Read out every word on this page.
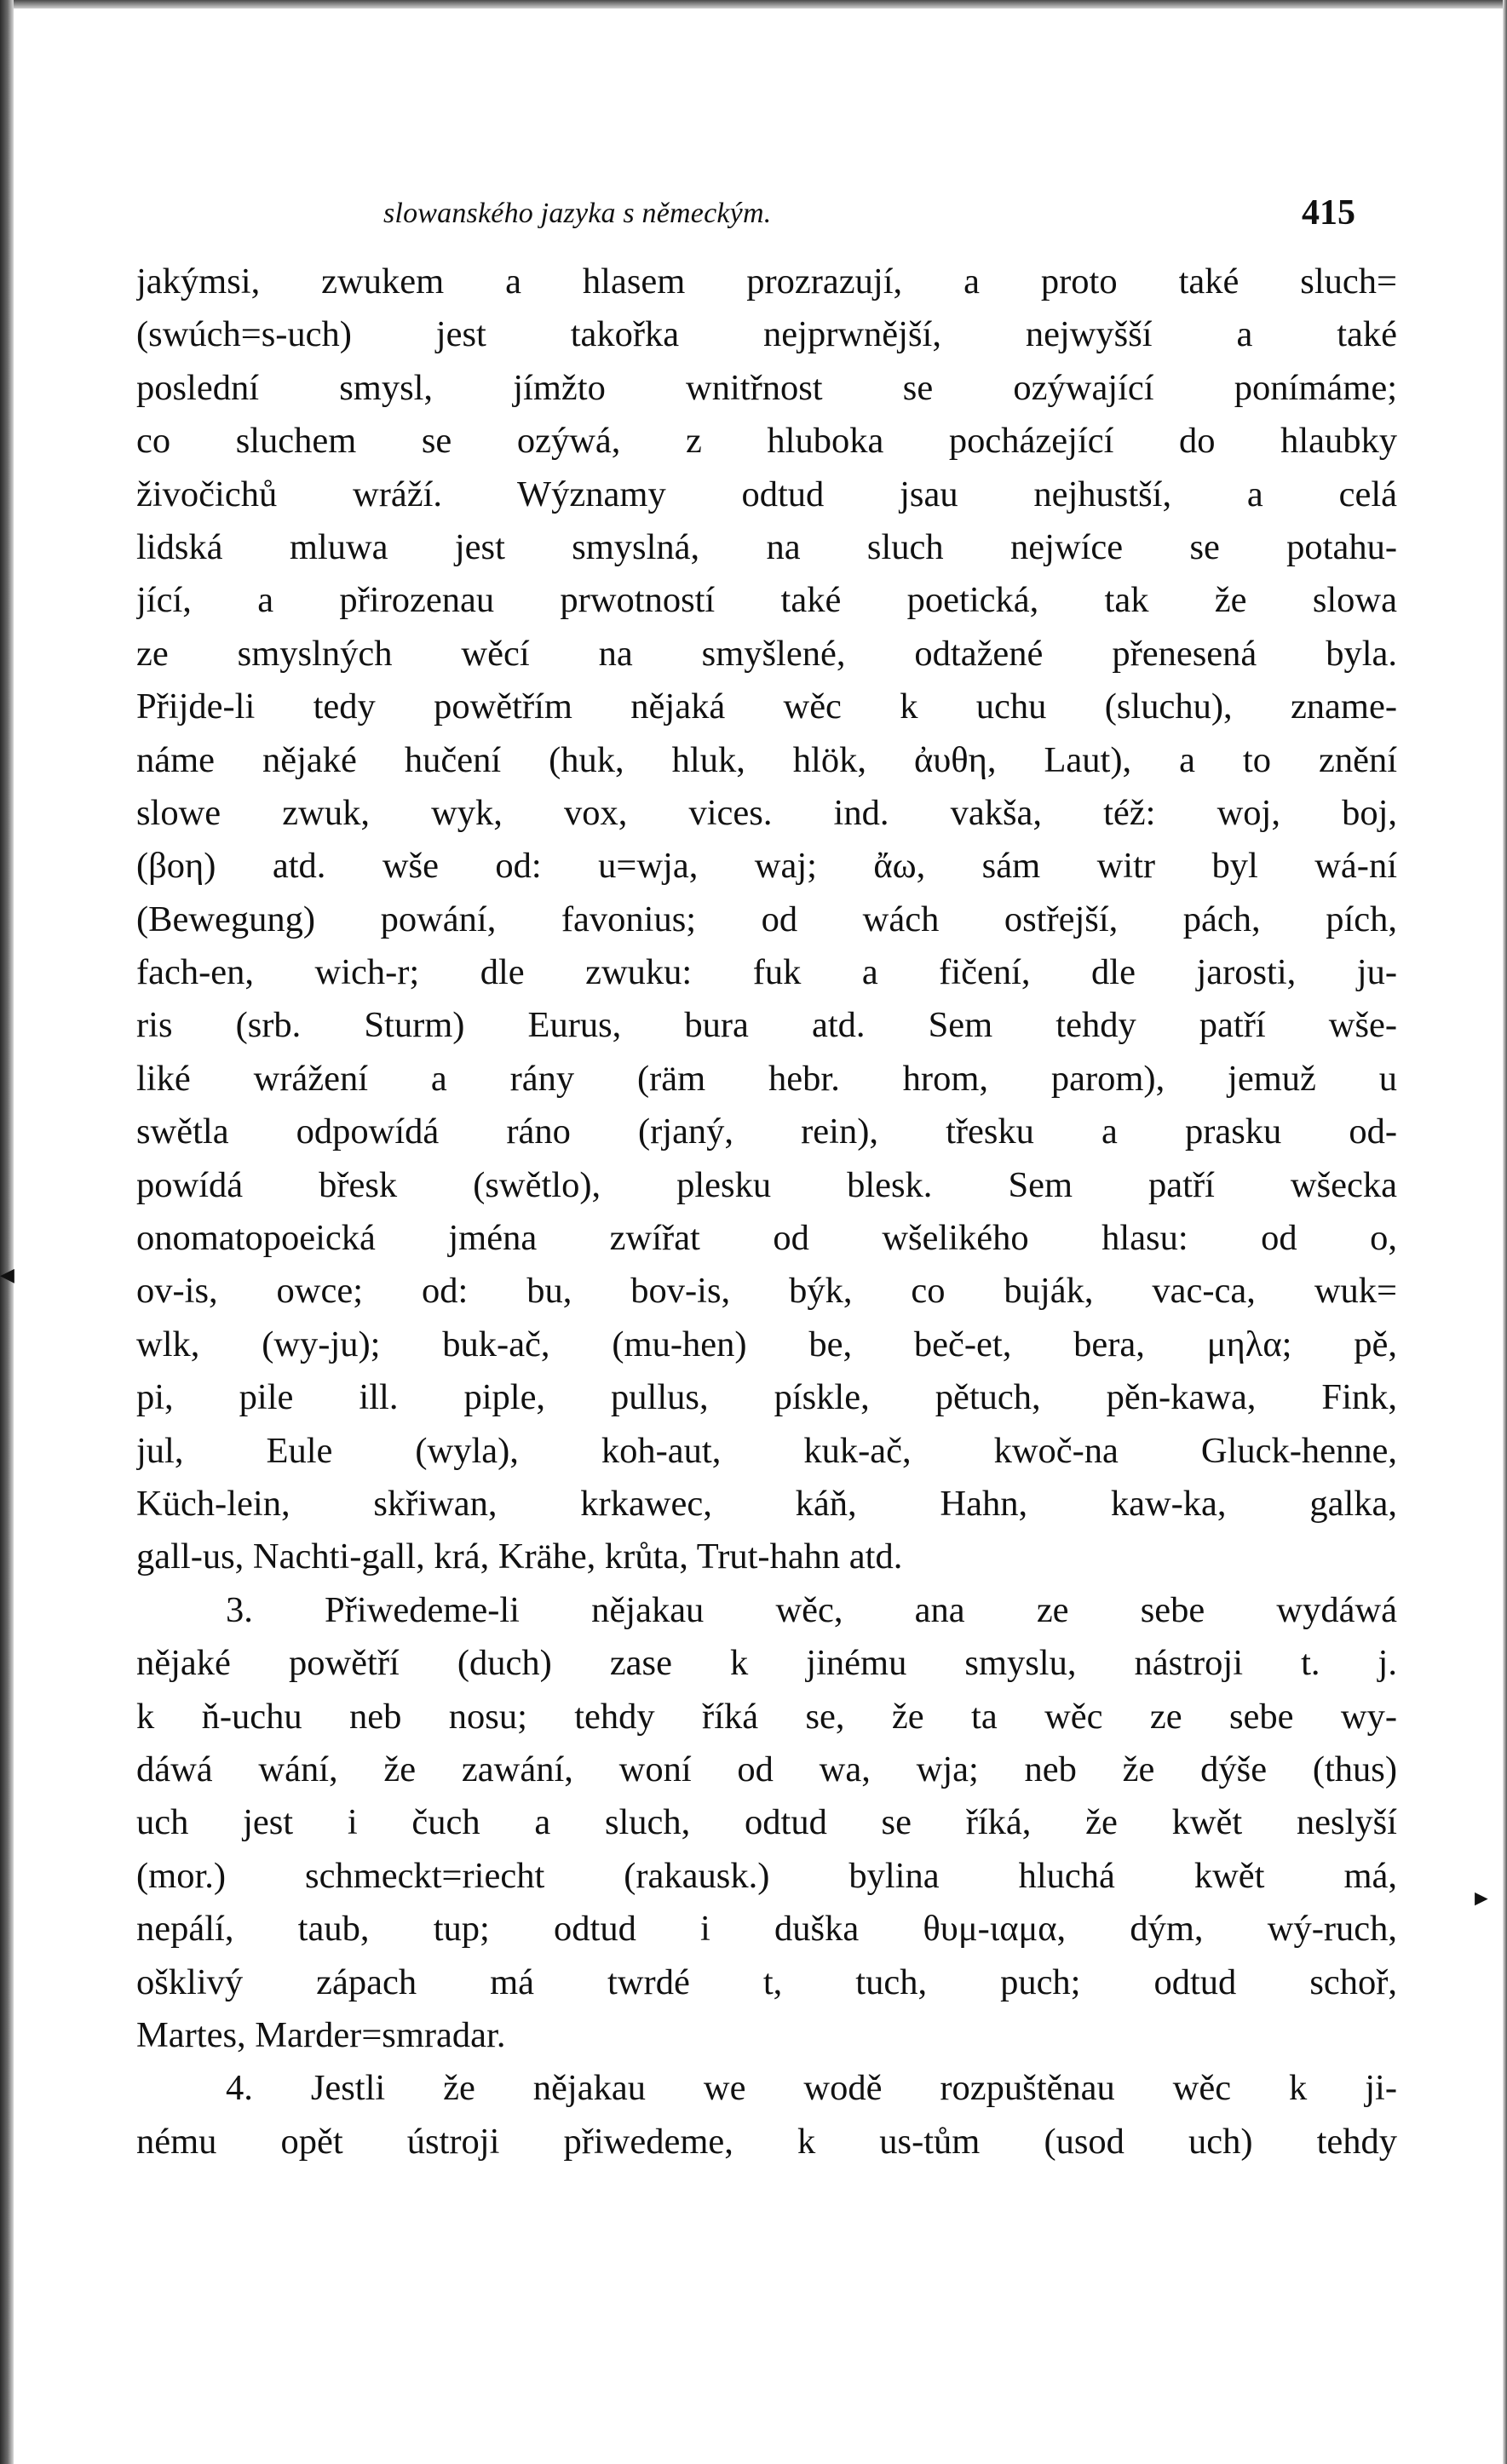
slowanského jazyka s německým.	415
jakýmsi, zwukem a hlasem prozrazují, a proto také sluch=
(swúch=s-uch) jest takořka nejprwnější, nejwyšší a také
poslední smysl, jímžto wnitřnost se ozýwající ponímáme;
co sluchem se ozýwá, z hluboka pocházející do hlaubky
živočichů wráží. Wýznamy odtud jsau nejhustší, a celá
lidská mluwa jest smyslná, na sluch nejwíce se potahu-
jící, a přirozenau prwotností také poetická, tak že slowa
ze smyslných wěcí na smyšlené, odtažené přenesená byla.
Přijde-li tedy powětřím nějaká wěc k uchu (sluchu), zname-
náme nějaké hučení (huk, hluk, hlök, ἀυθη, Laut), a to znění
slowe zwuk, wyk, vox, vices. ind. vakša, též: woj, boj,
(βοη) atd. wše od: u=wja, waj; ἄω, sám witr byl wá-ní
(Bewegung) powání, favonius; od wách ostřejší, pách, pích,
fach-en, wich-r; dle zwuku: fuk a fičení, dle jarosti, ju-
ris (srb. Sturm) Eurus, bura atd. Sem tehdy patří wše-
liké wrážení a rány (räm hebr. hrom, parom), jemuž u
swětla odpowídá ráno (rjaný, rein), třesku a prasku od-
powídá břesk (swětlo), plesku blesk. Sem patří wšecka
onomatopoeická jména zwířat od wšelikého hlasu: od o,
ov-is, owce; od: bu, bov-is, býk, co buják, vac-ca, wuk=
wlk, (wy-ju); buk-ač, (mu-hen) be, beč-et, bera, μηλα; pě,
pi, pile ill. piple, pullus, pískle, pětuch, pěn-kawa, Fink,
jul, Eule (wyla), koh-aut, kuk-ač, kwoč-na Gluck-henne,
Küch-lein, skřiwan, krkawec, káň, Hahn, kaw-ka, galka,
gall-us, Nachti-gall, krá, Krähe, krůta, Trut-hahn atd.
3. Přiwedeme-li nějakau wěc, ana ze sebe wydáwá
nějaké powětří (duch) zase k jinému smyslu, nástroji t. j.
k ň-uchu neb nosu; tehdy říká se, že ta wěc ze sebe wy-
dáwá wání, že zawání, woní od wa, wja; neb že dýše (thus)
uch jest i čuch a sluch, odtud se říká, že kwět neslyší
(mor.) schmeckt=riecht (rakausk.) bylina hluchá kwět má,
nepálí, taub, tup; odtud i duška θυμ-ιαμα, dým, wý-ruch,
ošklivý zápach má twrdé t, tuch, puch; odtud schoř,
Martes, Marder=smradar.
4. Jestli že nějakau we wodě rozpuštěnau wěc k ji-
nému opět ústroji přiwedeme, k us-tům (usod uch) tehdy
◀
►
